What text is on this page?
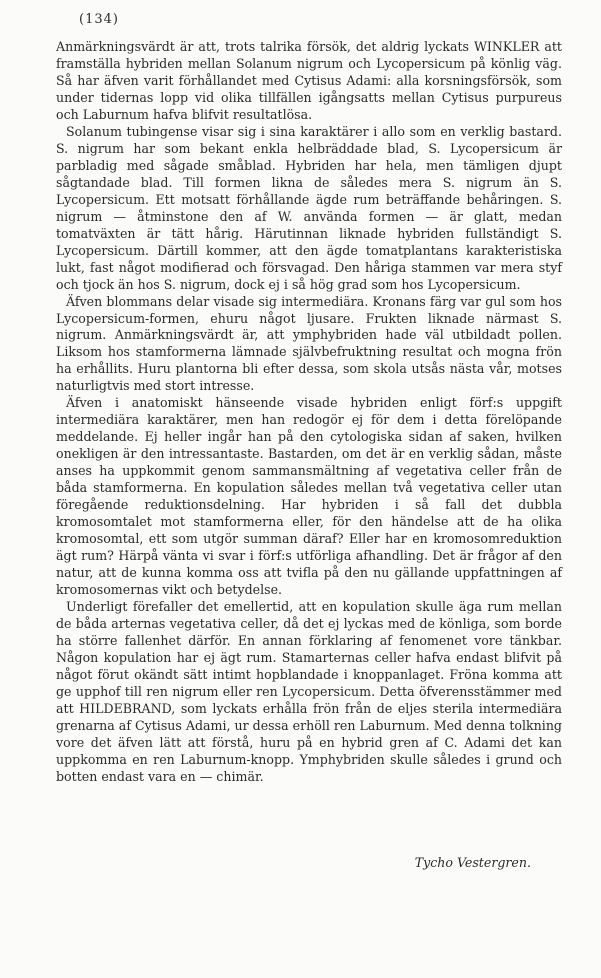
(134)

Anmärkningsvärdt är att, trots talrika försök, det aldrig lyckats WINKLER att framställa hybriden mellan Solanum nigrum och Lycopersicum på könlig väg. Så har äfven varit förhållandet med Cytisus Adami: alla korsningsförsök, som under tidernas lopp vid olika tillfällen igångsatts mellan Cytisus purpureus och Laburnum hafva blifvit resultatlösa.

Solanum tubingense visar sig i sina karaktärer i allo som en verklig bastard. S. nigrum har som bekant enkla helbräddade blad, S. Lycopersicum är parbladig med sågade småblad. Hybriden har hela, men tämligen djupt sågtandade blad. Till formen likna de således mera S. nigrum än S. Lycopersicum. Ett motsatt förhållande ägde rum beträffande behåringen. S. nigrum — åtminstone den af W. använda formen — är glatt, medan tomatväxten är tätt hårig. Härutinnan liknade hybriden fullständigt S. Lycopersicum. Därtill kommer, att den ägde tomatplantans karakteristiska lukt, fast något modifierad och försvagad. Den håriga stammen var mera styf och tjock än hos S. nigrum, dock ej i så hög grad som hos Lycopersicum.

Äfven blommans delar visade sig intermediära. Kronans färg var gul som hos Lycopersicum-formen, ehuru något ljusare. Frukten liknade närmast S. nigrum. Anmärkningsvärdt är, att ymphybriden hade väl utbildadt pollen. Liksom hos stamformerna lämnade självbefruktning resultat och mogna frön ha erhållits. Huru plantorna bli efter dessa, som skola utsås nästa vår, motses naturligtvis med stort intresse.

Äfven i anatomiskt hänseende visade hybriden enligt förf:s uppgift intermediära karaktärer, men han redogör ej för dem i detta förelöpande meddelande. Ej heller ingår han på den cytologiska sidan af saken, hvilken onekligen är den intressantaste. Bastarden, om det är en verklig sådan, måste anses ha uppkommit genom sammansmältning af vegetativa celler från de båda stamformerna. En kopulation således mellan två vegetativa celler utan föregående reduktionsdelning. Har hybriden i så fall det dubbla kromosomtalet mot stamformerna eller, för den händelse att de ha olika kromosomtal, ett som utgör summan däraf? Eller har en kromosomreduktion ägt rum? Härpå vänta vi svar i förf:s utförliga afhandling. Det är frågor af den natur, att de kunna komma oss att tvifla på den nu gällande uppfattningen af kromosomernas vikt och betydelse.

Underligt förefaller det emellertid, att en kopulation skulle äga rum mellan de båda arternas vegetativa celler, då det ej lyckas med de könliga, som borde ha större fallenhet därför. En annan förklaring af fenomenet vore tänkbar. Någon kopulation har ej ägt rum. Stamarternas celler hafva endast blifvit på något förut okändt sätt intimt hopblandade i knoppanlaget. Fröna komma att ge upphof till ren nigrum eller ren Lycopersicum. Detta öfverensstämmer med att HILDEBRAND, som lyckats erhålla frön från de eljes sterila intermediära grenarna af Cytisus Adami, ur dessa erhöll ren Laburnum. Med denna tolkning vore det äfven lätt att förstå, huru på en hybrid gren af C. Adami det kan uppkomma en ren Laburnum-knopp. Ymphybriden skulle således i grund och botten endast vara en — chimär.

Tycho Vestergren.
